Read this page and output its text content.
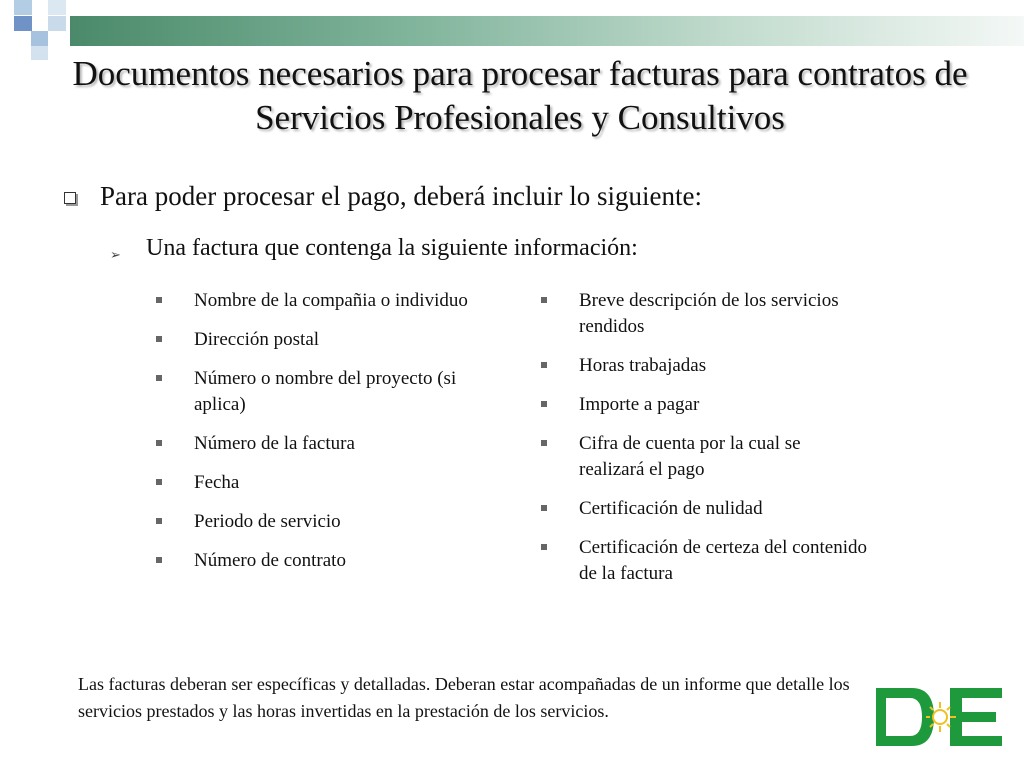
Documentos necesarios para procesar facturas para contratos de Servicios Profesionales y Consultivos
Para poder procesar el pago, deberá incluir lo siguiente:
➢ Una factura que contenga la siguiente información:
Nombre de la compañia o individuo
Dirección postal
Número o nombre del proyecto (si aplica)
Número de la factura
Fecha
Periodo de servicio
Número de contrato
Breve descripción de los servicios rendidos
Horas trabajadas
Importe a pagar
Cifra de cuenta por la cual se realizará el pago
Certificación de nulidad
Certificación de certeza del contenido de la factura
Las facturas deberan ser específicas y detalladas. Deberan estar acompañadas de un informe que detalle los servicios prestados y las horas invertidas en la prestación de los servicios.
